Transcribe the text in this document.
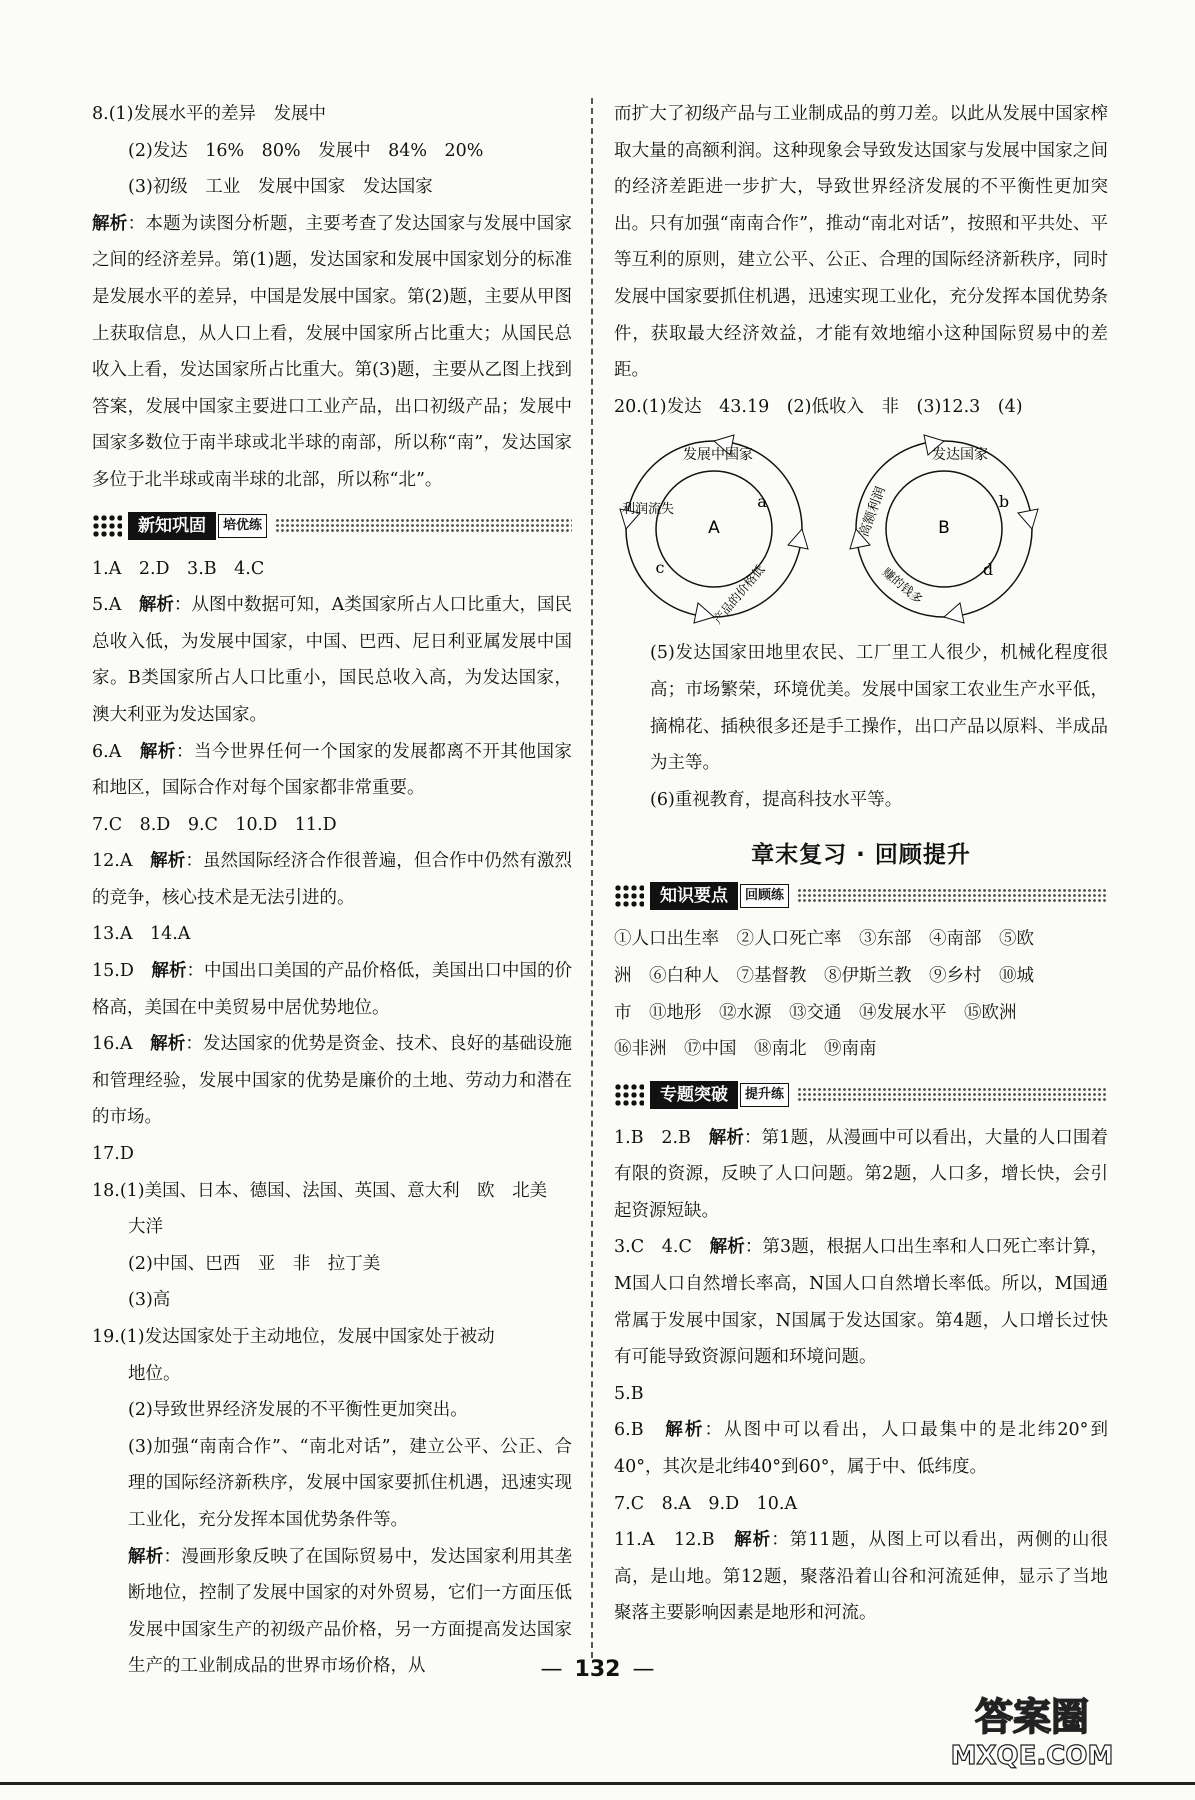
8.(1)发展水平的差异　发展中
(2)发达　16%　80%　发展中　84%　20%
(3)初级　工业　发展中国家　发达国家
解析：本题为读图分析题，主要考查了发达国家与发展中国家之间的经济差异。第(1)题，发达国家和发展中国家划分的标准是发展水平的差异，中国是发展中国家。第(2)题，主要从甲图上获取信息，从人口上看，发展中国家所占比重大；从国民总收入上看，发达国家所占比重大。第(3)题，主要从乙图上找到答案，发展中国家主要进口工业产品，出口初级产品；发展中国家多数位于南半球或北半球的南部，所以称“南”，发达国家多位于北半球或南半球的北部，所以称“北”。
新知巩固	培优练
1.A　2.D　3.B　4.C
5.A　解析：从图中数据可知，A类国家所占人口比重大，国民总收入低，为发展中国家，中国、巴西、尼日利亚属发展中国家。B类国家所占人口比重小，国民总收入高，为发达国家，澳大利亚为发达国家。
6.A　解析：当今世界任何一个国家的发展都离不开其他国家和地区，国际合作对每个国家都非常重要。
7.C　8.D　9.C　10.D　11.D
12.A　解析：虽然国际经济合作很普遍，但合作中仍然有激烈的竞争，核心技术是无法引进的。
13.A　14.A
15.D　解析：中国出口美国的产品价格低，美国出口中国的价格高，美国在中美贸易中居优势地位。
16.A　解析：发达国家的优势是资金、技术、良好的基础设施和管理经验，发展中国家的优势是廉价的土地、劳动力和潜在的市场。
17.D
18.(1)美国、日本、德国、法国、英国、意大利　欧　北美
大洋
(2)中国、巴西　亚　非　拉丁美
(3)高
19.(1)发达国家处于主动地位，发展中国家处于被动
地位。
(2)导致世界经济发展的不平衡性更加突出。
(3)加强“南南合作”、“南北对话”，建立公平、公正、合理的国际经济新秩序，发展中国家要抓住机遇，迅速实现工业化，充分发挥本国优势条件等。
解析：漫画形象反映了在国际贸易中，发达国家利用其垄断地位，控制了发展中国家的对外贸易，它们一方面压低发展中国家生产的初级产品价格，另一方面提高发达国家生产的工业制成品的世界市场价格，从
而扩大了初级产品与工业制成品的剪刀差。以此从发展中国家榨取大量的高额利润。这种现象会导致发达国家与发展中国家之间的经济差距进一步扩大，导致世界经济发展的不平衡性更加突出。只有加强“南南合作”，推动“南北对话”，按照和平共处、平等互利的原则，建立公平、公正、合理的国际经济新秩序，同时发展中国家要抓住机遇，迅速实现工业化，充分发挥本国优势条件，获取最大经济效益，才能有效地缩小这种国际贸易中的差距。
20.(1)发达　43.19　(2)低收入　非　(3)12.3　(4)
A
a
c
发展中国家
利润流失
产品的价格低
B
b
d
发达国家
高额利润
赚的钱多
(5)发达国家田地里农民、工厂里工人很少，机械化程度很高；市场繁荣，环境优美。发展中国家工农业生产水平低，摘棉花、插秧很多还是手工操作，出口产品以原料、半成品为主等。
(6)重视教育，提高科技水平等。
章末复习 · 回顾提升
知识要点	回顾练
①人口出生率　②人口死亡率　③东部　④南部　⑤欧
洲　⑥白种人　⑦基督教　⑧伊斯兰教　⑨乡村　⑩城
市　⑪地形　⑫水源　⑬交通　⑭发展水平　⑮欧洲
⑯非洲　⑰中国　⑱南北　⑲南南
专题突破	提升练
1.B　2.B　解析：第1题，从漫画中可以看出，大量的人口围着有限的资源，反映了人口问题。第2题，人口多，增长快，会引起资源短缺。
3.C　4.C　解析：第3题，根据人口出生率和人口死亡率计算，M国人口自然增长率高，N国人口自然增长率低。所以，M国通常属于发展中国家，N国属于发达国家。第4题，人口增长过快有可能导致资源问题和环境问题。
5.B
6.B　解析：从图中可以看出，人口最集中的是北纬20°到40°，其次是北纬40°到60°，属于中、低纬度。
7.C　8.A　9.D　10.A
11.A　12.B　解析：第11题，从图上可以看出，两侧的山很高，是山地。第12题，聚落沿着山谷和河流延伸，显示了当地聚落主要影响因素是地形和河流。
— 132 —
答案圈
MXQE.COM
